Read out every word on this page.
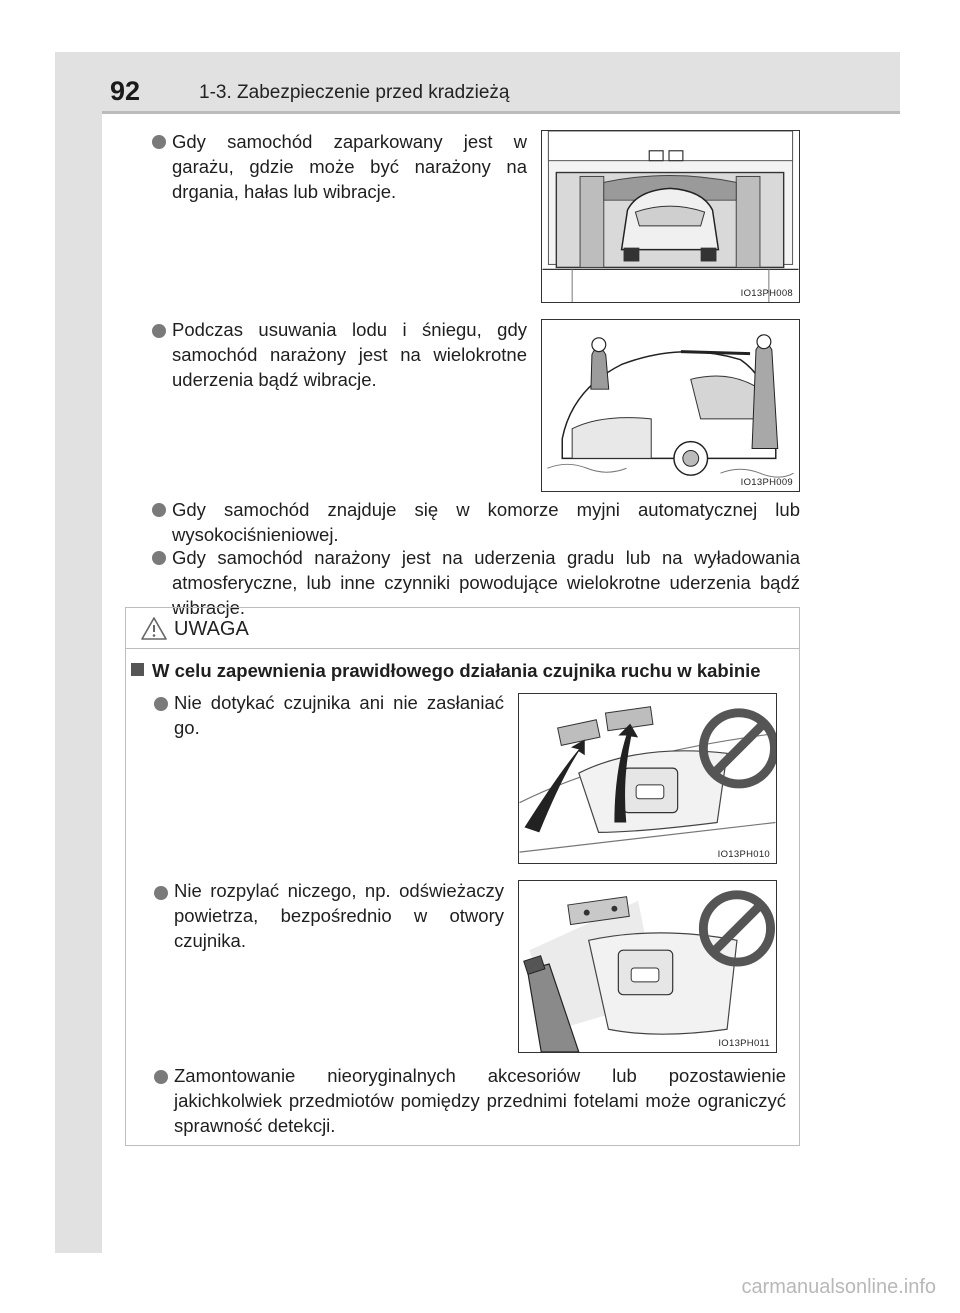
92	1-3. Zabezpieczenie przed kradzieżą
Gdy samochód zaparkowany jest w garażu, gdzie może być narażony na drgania, hałas lub wibracje.
IO13PH008
Podczas usuwania lodu i śniegu, gdy samochód narażony jest na wielokrotne uderzenia bądź wibracje.
IO13PH009
Gdy samochód znajduje się w komorze myjni automatycznej lub wysokociśnieniowej.
Gdy samochód narażony jest na uderzenia gradu lub na wyładowania atmosferyczne, lub inne czynniki powodujące wielokrotne uderzenia bądź wibracje.
UWAGA
W celu zapewnienia prawidłowego działania czujnika ruchu w kabinie
Nie dotykać czujnika ani nie zasłaniać go.
IO13PH010
Nie rozpylać niczego, np. odświeżaczy powietrza, bezpośrednio w otwory czujnika.
IO13PH011
Zamontowanie nieoryginalnych akcesoriów lub pozostawienie jakichkolwiek przedmiotów pomiędzy przednimi fotelami może ograniczyć sprawność detekcji.
carmanualsonline.info
